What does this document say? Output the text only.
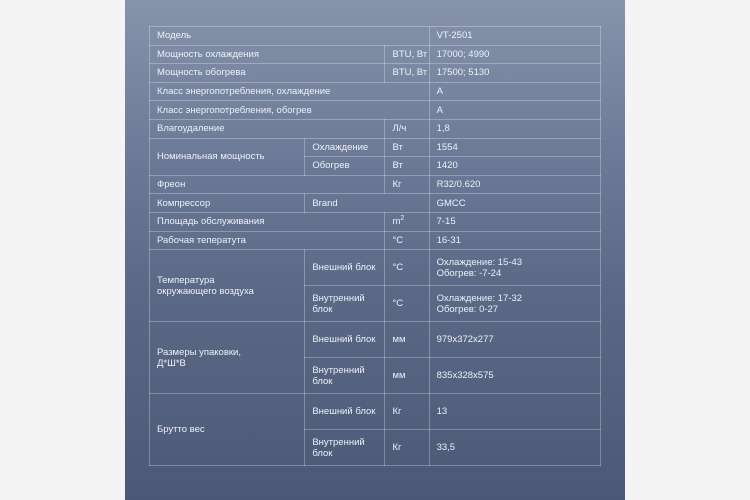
Модель			VT-2501
Мощность охлаждения		BTU, Вт	17000; 4990
Мощность обогрева		BTU, Вт	17500; 5130
Класс энергопотребления, охлаждение			A
Класс энергопотребления, обогрев			A
Влагоудаление		Л/ч	1,8
Номинальная мощность	Охлаждение	Вт	1554
	Обогрев	Вт	1420
Фреон		Кг	R32/0.620
Компрессор	Brand		GMCC
Площадь обслуживания		$m^2$	7-15
Рабочая теператута		°C	16-31
Температура окружающего воздуха	Внешний блок	°C	Охлаждение: 15-43
Обогрев: -7-24

	Внутренний блок	°C	Охлаждение: 17-32
Обогрев: 0-27

Размеры упаковки, Д*Ш*В	Внешний блок	мм	979x372x277
	Внутренний блок	мм	835x328x575
Брутто вес	Внешний блок	Кг	13
	Внутренний блок	Кг	33,5
